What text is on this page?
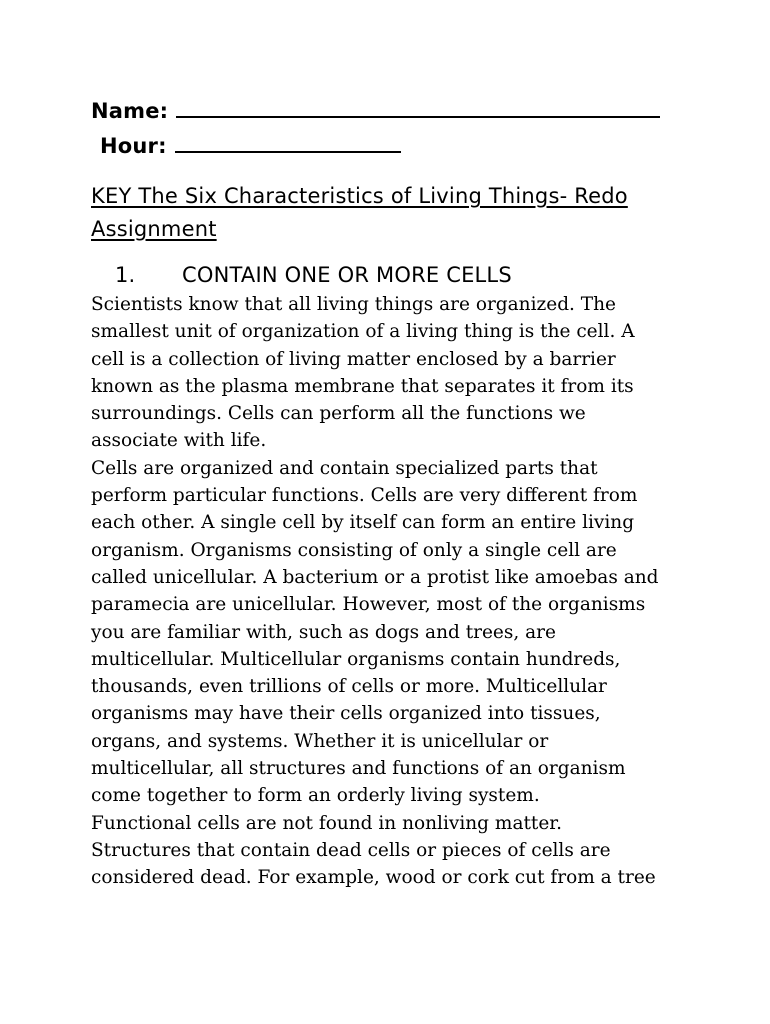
Name:
Hour:
KEY The Six Characteristics of Living Things- Redo
Assignment
1. CONTAIN ONE OR MORE CELLS
Scientists know that all living things are organized. The
smallest unit of organization of a living thing is the cell. A
cell is a collection of living matter enclosed by a barrier
known as the plasma membrane that separates it from its
surroundings. Cells can perform all the functions we
associate with life.
Cells are organized and contain specialized parts that
perform particular functions. Cells are very different from
each other. A single cell by itself can form an entire living
organism. Organisms consisting of only a single cell are
called unicellular. A bacterium or a protist like amoebas and
paramecia are unicellular. However, most of the organisms
you are familiar with, such as dogs and trees, are
multicellular. Multicellular organisms contain hundreds,
thousands, even trillions of cells or more. Multicellular
organisms may have their cells organized into tissues,
organs, and systems. Whether it is unicellular or
multicellular, all structures and functions of an organism
come together to form an orderly living system.
Functional cells are not found in nonliving matter.
Structures that contain dead cells or pieces of cells are
considered dead. For example, wood or cork cut from a tree
